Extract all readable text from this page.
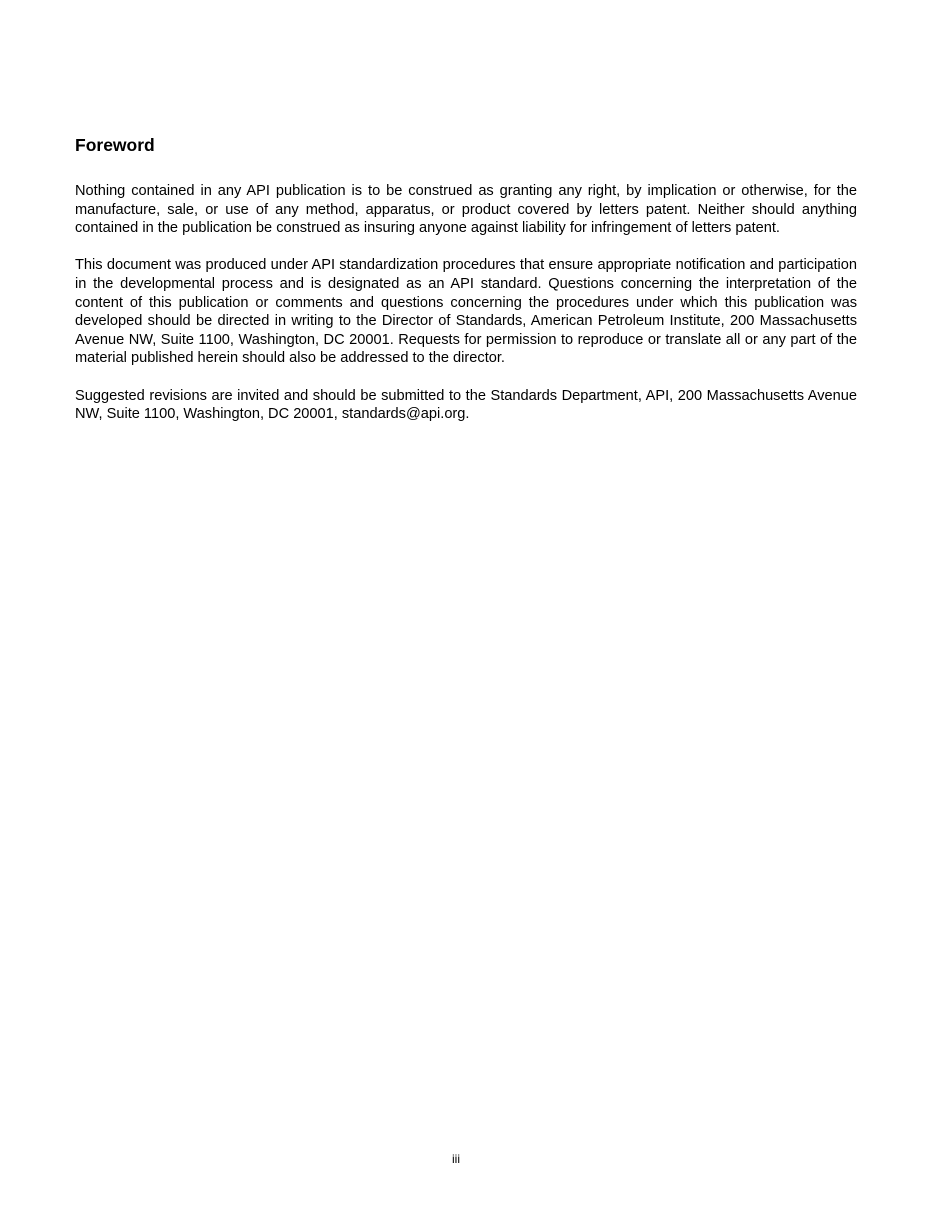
Foreword

Nothing contained in any API publication is to be construed as granting any right, by implication or otherwise, for the manufacture, sale, or use of any method, apparatus, or product covered by letters patent. Neither should anything contained in the publication be construed as insuring anyone against liability for infringement of letters patent.

This document was produced under API standardization procedures that ensure appropriate notification and participation in the developmental process and is designated as an API standard. Questions concerning the interpretation of the content of this publication or comments and questions concerning the procedures under which this publication was developed should be directed in writing to the Director of Standards, American Petroleum Institute, 200 Massachusetts Avenue NW, Suite 1100, Washington, DC 20001. Requests for permission to reproduce or translate all or any part of the material published herein should also be addressed to the director.

Suggested revisions are invited and should be submitted to the Standards Department, API, 200 Massachusetts Avenue NW, Suite 1100, Washington, DC 20001, standards@api.org.

iii
